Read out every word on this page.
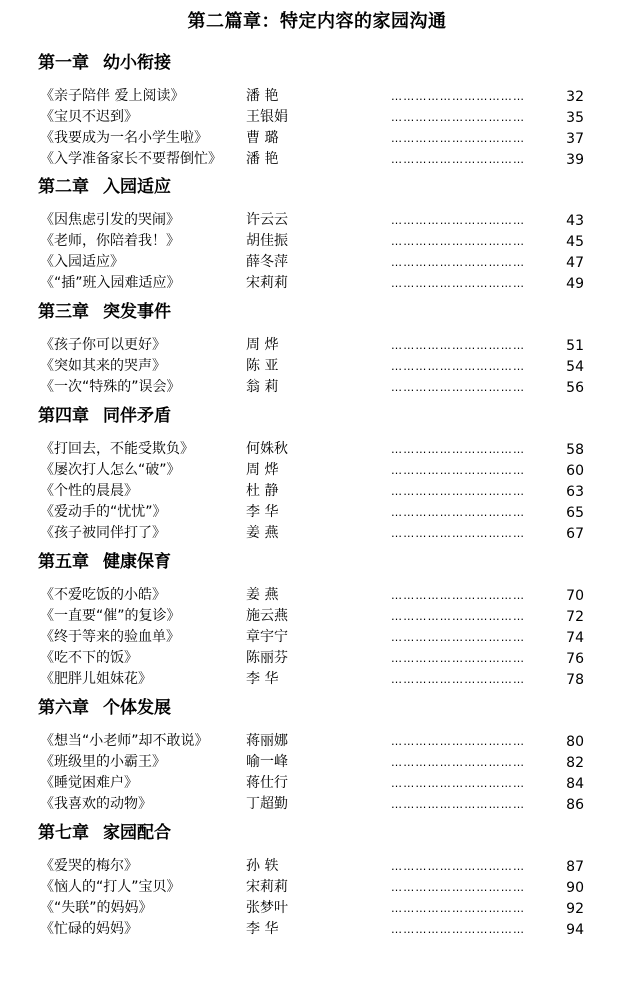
第二篇章：特定内容的家园沟通
第一章 幼小衔接
《亲子陪伴 爱上阅读》	潘 艳	……………………………	32
《宝贝不迟到》	王银娟	……………………………	35
《我要成为一名小学生啦》	曹 璐	……………………………	37
《入学准备家长不要帮倒忙》 潘 艳	……………………………	39
第二章 入园适应
《因焦虑引发的哭闹》	许云云	……………………………	43
《老师，你陪着我！》	胡佳振	……………………………	45
《入园适应》	薛冬萍	……………………………	47
《“插”班入园难适应》	宋莉莉	……………………………	49
第三章 突发事件
《孩子你可以更好》	周 烨	……………………………	51
《突如其来的哭声》	陈 亚	……………………………	54
《一次“特殊的”误会》	翁 莉	……………………………	56
第四章 同伴矛盾
《打回去，不能受欺负》	何姝秋	……………………………	58
《屡次打人怎么“破”》	周 烨	……………………………	60
《个性的晨晨》	杜 静	……………………………	63
《爱动手的“忧忧”》	李 华	……………………………	65
《孩子被同伴打了》	姜 燕	……………………………	67
第五章 健康保育
《不爱吃饭的小皓》	姜 燕	……………………………	70
《一直要“催”的复诊》	施云燕	……………………………	72
《终于等来的验血单》	章宇宁	……………………………	74
《吃不下的饭》	陈丽芬	……………………………	76
《肥胖儿姐妹花》	李 华	……………………………	78
第六章 个体发展
《想当“小老师”却不敢说》	蒋丽娜	……………………………	80
《班级里的小霸王》	喻一峰	……………………………	82
《睡觉困难户》	蒋仕行	……………………………	84
《我喜欢的动物》	丁超勤	……………………………	86
第七章 家园配合
《爱哭的梅尔》	孙 轶	……………………………	87
《恼人的“打人”宝贝》	宋莉莉	……………………………	90
《“失联”的妈妈》	张梦叶	……………………………	92
《忙碌的妈妈》	李 华	……………………………	94
